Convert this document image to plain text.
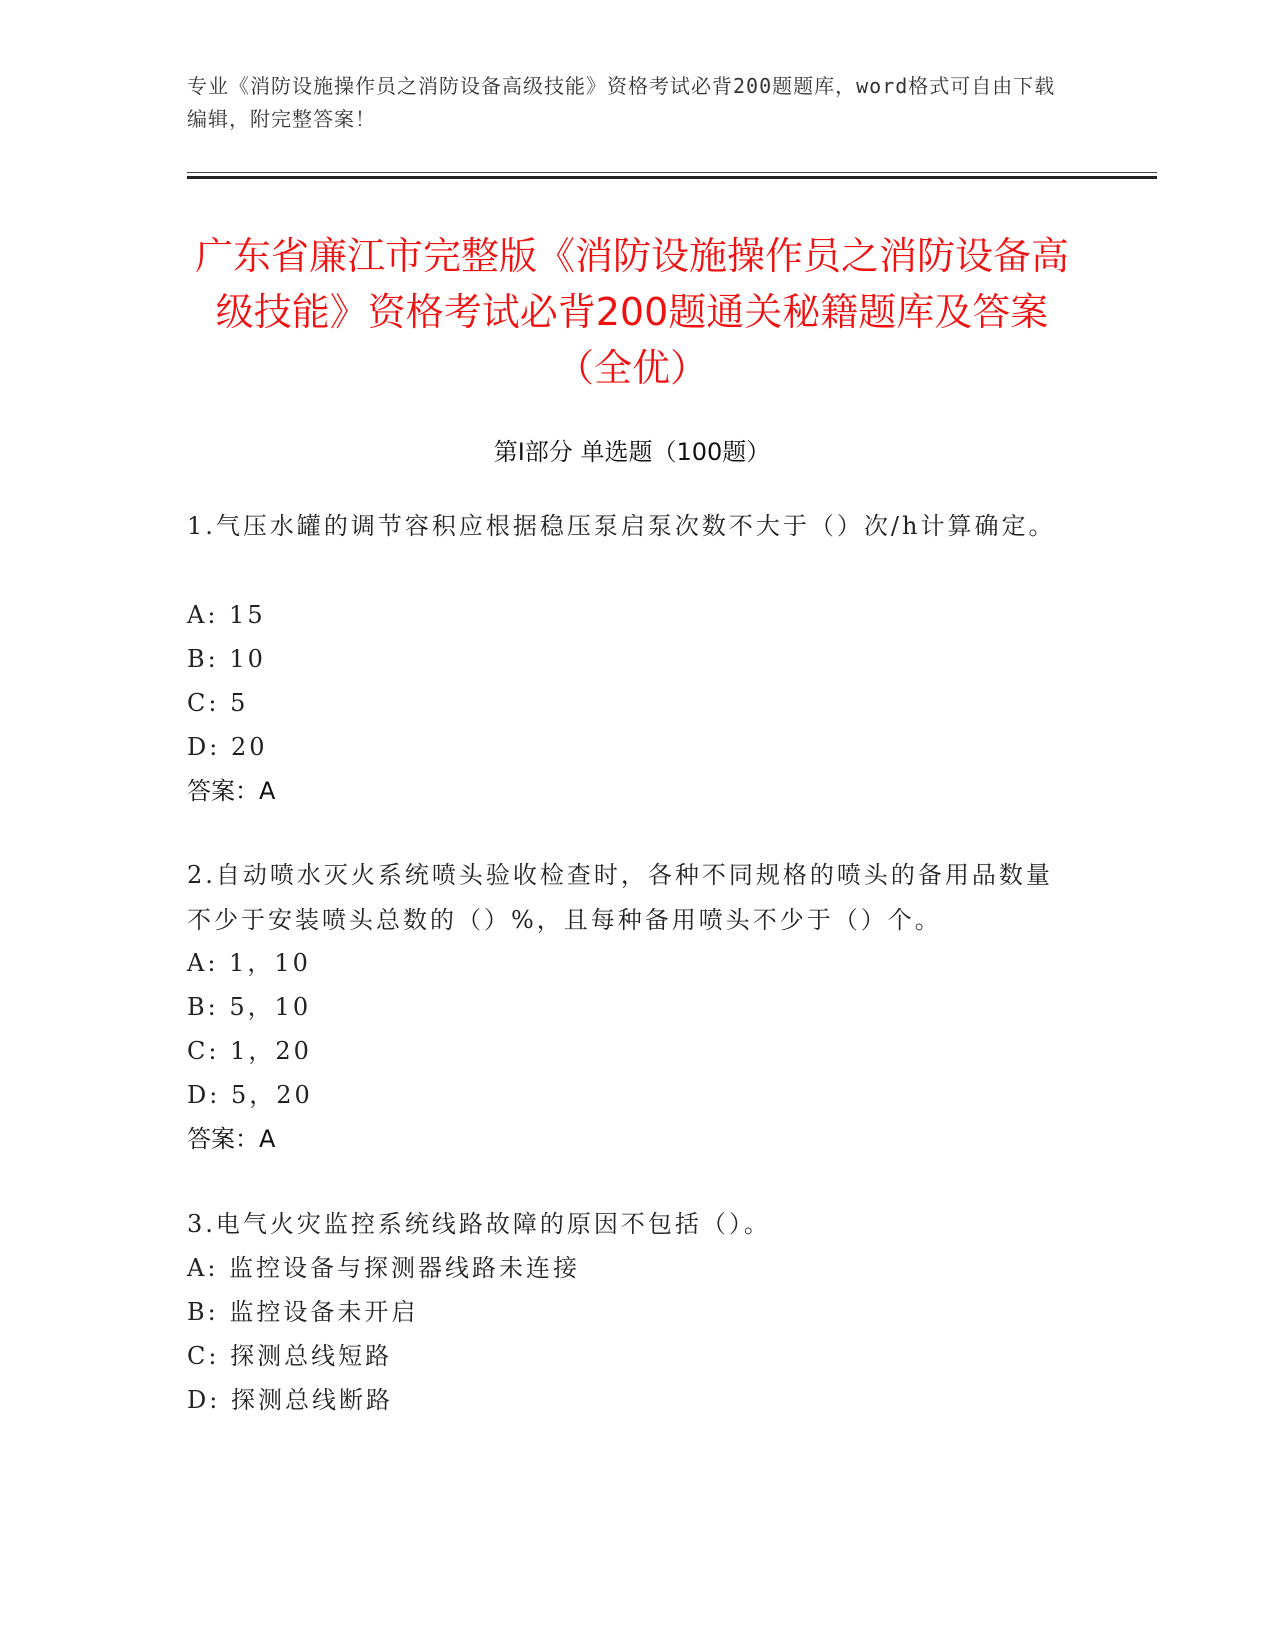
专业《消防设施操作员之消防设备高级技能》资格考试必背200题题库，word格式可自由下载编辑，附完整答案！
广东省廉江市完整版《消防设施操作员之消防设备高级技能》资格考试必背200题通关秘籍题库及答案（全优）
第Ⅰ部分 单选题（100题）
1.气压水罐的调节容积应根据稳压泵启泵次数不大于（）次/h计算确定。
A: 15
B: 10
C: 5
D: 20
答案：A
2.自动喷水灭火系统喷头验收检查时，各种不同规格的喷头的备用品数量不少于安装喷头总数的（）%，且每种备用喷头不少于（）个。
A: 1，10
B: 5，10
C: 1，20
D: 5，20
答案：A
3.电气火灾监控系统线路故障的原因不包括（）。
A: 监控设备与探测器线路未连接
B: 监控设备未开启
C: 探测总线短路
D: 探测总线断路
